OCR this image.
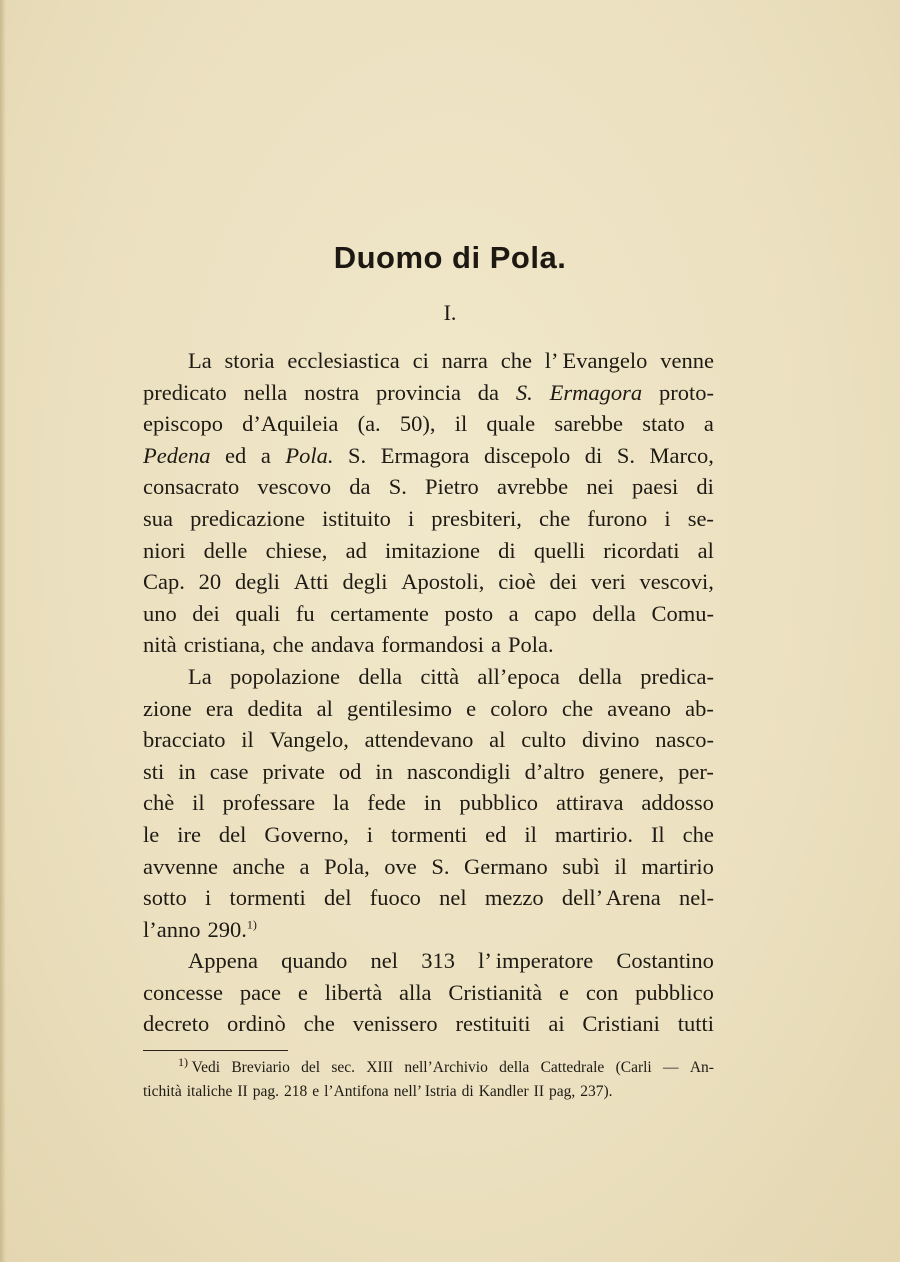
Duomo di Pola.
I.
La storia ecclesiastica ci narra che l’ Evangelo venne
predicato nella nostra provincia da S. Ermagora proto-
episcopo d’Aquileia (a. 50), il quale sarebbe stato a
Pedena ed a Pola. S. Ermagora discepolo di S. Marco,
consacrato vescovo da S. Pietro avrebbe nei paesi di
sua predicazione istituito i presbiteri, che furono i se-
niori delle chiese, ad imitazione di quelli ricordati al
Cap. 20 degli Atti degli Apostoli, cioè dei veri vescovi,
uno dei quali fu certamente posto a capo della Comu-
nità cristiana, che andava formandosi a Pola.
La popolazione della città all’epoca della predica-
zione era dedita al gentilesimo e coloro che aveano ab-
bracciato il Vangelo, attendevano al culto divino nasco-
sti in case private od in nascondigli d’altro genere, per-
chè il professare la fede in pubblico attirava addosso
le ire del Governo, i tormenti ed il martirio. Il che
avvenne anche a Pola, ove S. Germano subì il martirio
sotto i tormenti del fuoco nel mezzo dell’ Arena nel-
l’anno 290.$^{1)}$
Appena quando nel 313 l’ imperatore Costantino
concesse pace e libertà alla Cristianità e con pubblico
decreto ordinò che venissero restituiti ai Cristiani tutti
$^{1)}$ Vedi Breviario del sec. XIII nell’Archivio della Cattedrale (Carli — An-
tichità italiche II pag. 218 e l’Antifona nell’ Istria di Kandler II pag, 237).
